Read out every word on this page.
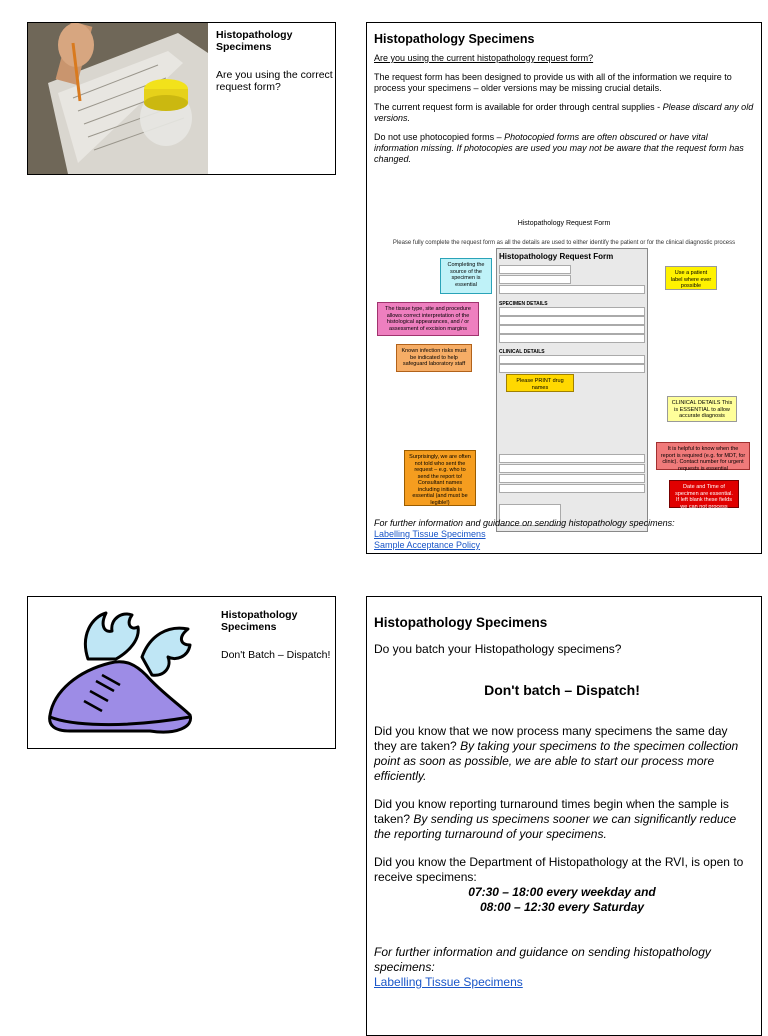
Histopathology Specimens
Are you using the correct request form?
Histopathology Specimens

Are you using the current histopathology request form?

The request form has been designed to provide us with all of the information we require to process your specimens – older versions may be missing crucial details.

The current request form is available for order through central supplies - Please discard any old versions.

Do not use photocopied forms – Photocopied forms are often obscured or have vital information missing. If photocopies are used you may not be aware that the request form has changed.

Histopathology Request Form
Please fully complete the request form as all the details are used to either identify the patient or for the clinical diagnostic process
Histopathology Request Form
SPECIMEN DETAILS
CLINICAL DETAILS
Completing the source of the specimen is essential
Use a patient label where ever possible
The tissue type, site and procedure allows correct interpretation of the histological appearances, and / or assessment of excision margins
Known infection risks must be indicated to help safeguard laboratory staff
Please PRINT drug names
CLINICAL DETAILS This is ESSENTIAL to allow accurate diagnosis
Surprisingly, we are often not told who sent the request – e.g. who to send the report to! Consultant names including initials is essential (and must be legible!)
It is helpful to know when the report is required (e.g. for MDT, for clinic). Contact number for urgent requests is essential
Date and Time of specimen are essential. If left blank these fields we can not process specimens
For further information and guidance on sending histopathology specimens:
Labelling Tissue Specimens
Sample Acceptance Policy
Histopathology Specimens
Don't Batch – Dispatch!
Histopathology Specimens

Do you batch your Histopathology specimens?

Don't batch – Dispatch!

Did you know that we now process many specimens the same day they are taken? By taking your specimens to the specimen collection point as soon as possible, we are able to start our process more efficiently.

Did you know reporting turnaround times begin when the sample is taken? By sending us specimens sooner we can significantly reduce the reporting turnaround of your specimens.

Did you know the Department of Histopathology at the RVI, is open to receive specimens:

07:30 – 18:00 every weekday and
08:00 – 12:30 every Saturday
For further information and guidance on sending histopathology specimens:
Labelling Tissue Specimens
